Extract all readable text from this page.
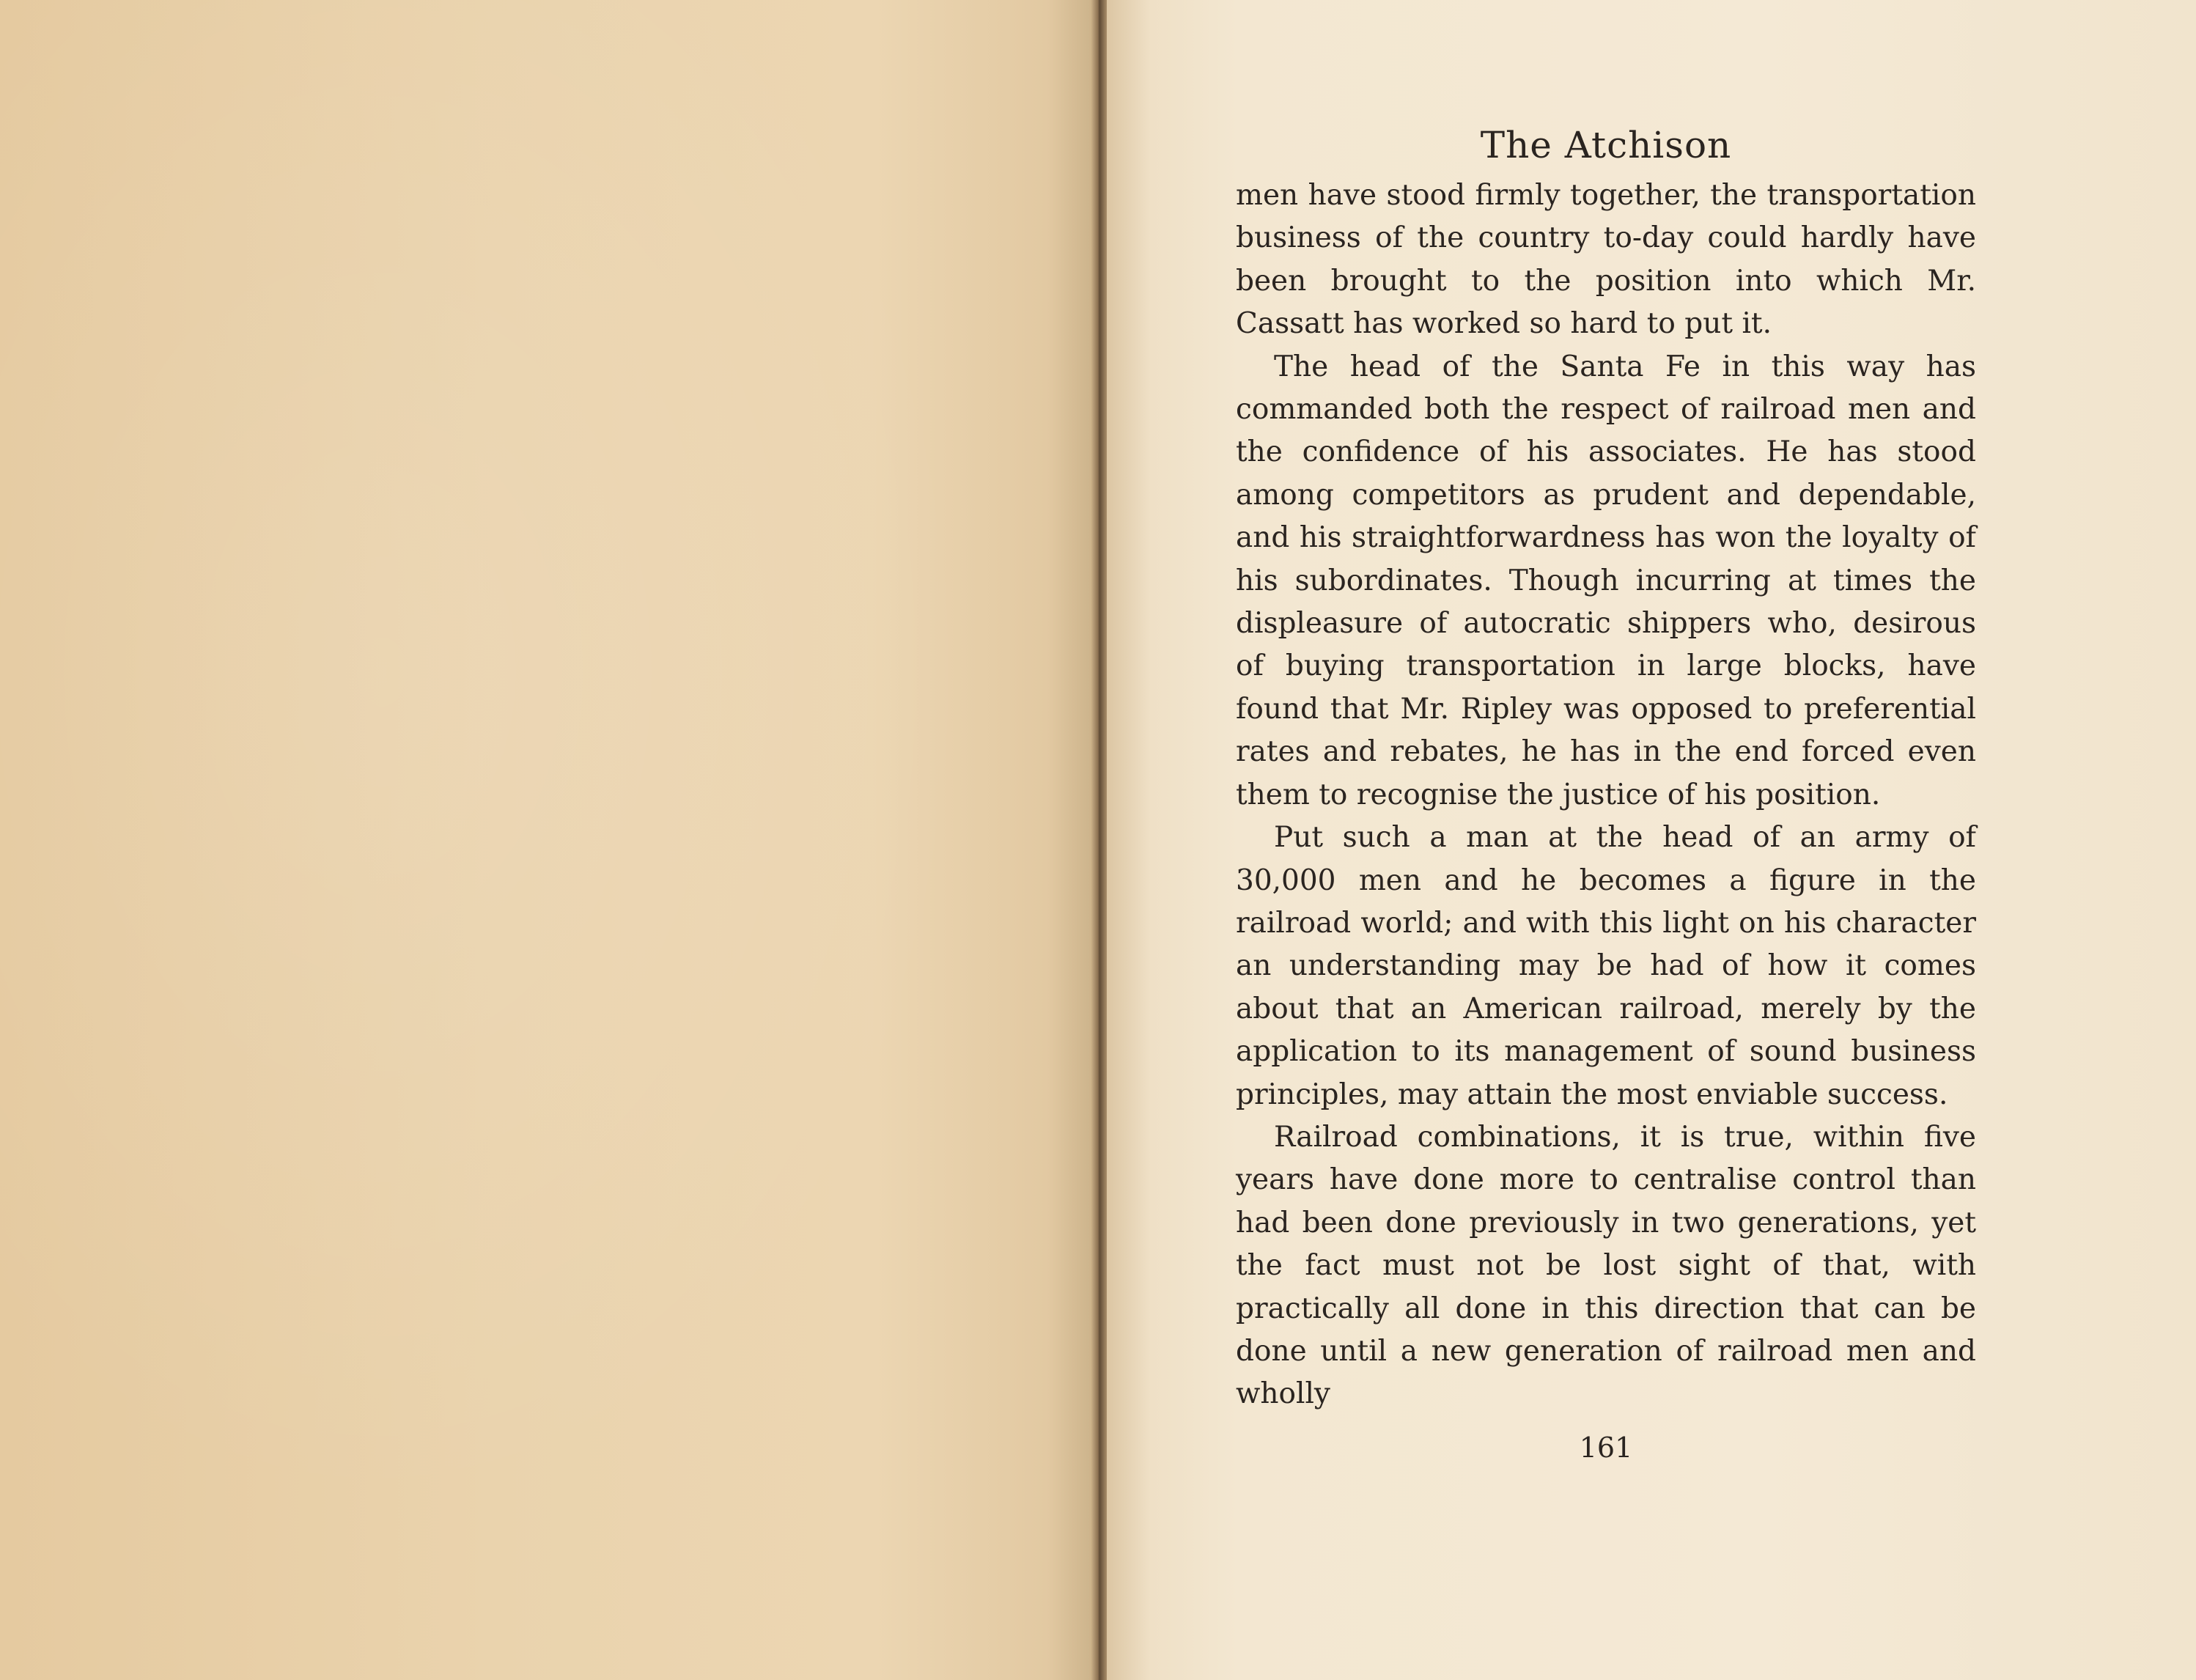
The Atchison

men have stood firmly together, the transportation business of the country to-day could hardly have been brought to the position into which Mr. Cassatt has worked so hard to put it.

The head of the Santa Fe in this way has commanded both the respect of railroad men and the confidence of his associates. He has stood among competitors as prudent and dependable, and his straightforwardness has won the loyalty of his subordinates. Though incurring at times the displeasure of autocratic shippers who, desirous of buying transportation in large blocks, have found that Mr. Ripley was opposed to preferential rates and rebates, he has in the end forced even them to recognise the justice of his position.

Put such a man at the head of an army of 30,000 men and he becomes a figure in the railroad world; and with this light on his character an understanding may be had of how it comes about that an American railroad, merely by the application to its management of sound business principles, may attain the most enviable success.

Railroad combinations, it is true, within five years have done more to centralise control than had been done previously in two generations, yet the fact must not be lost sight of that, with practically all done in this direction that can be done until a new generation of railroad men and wholly

161
